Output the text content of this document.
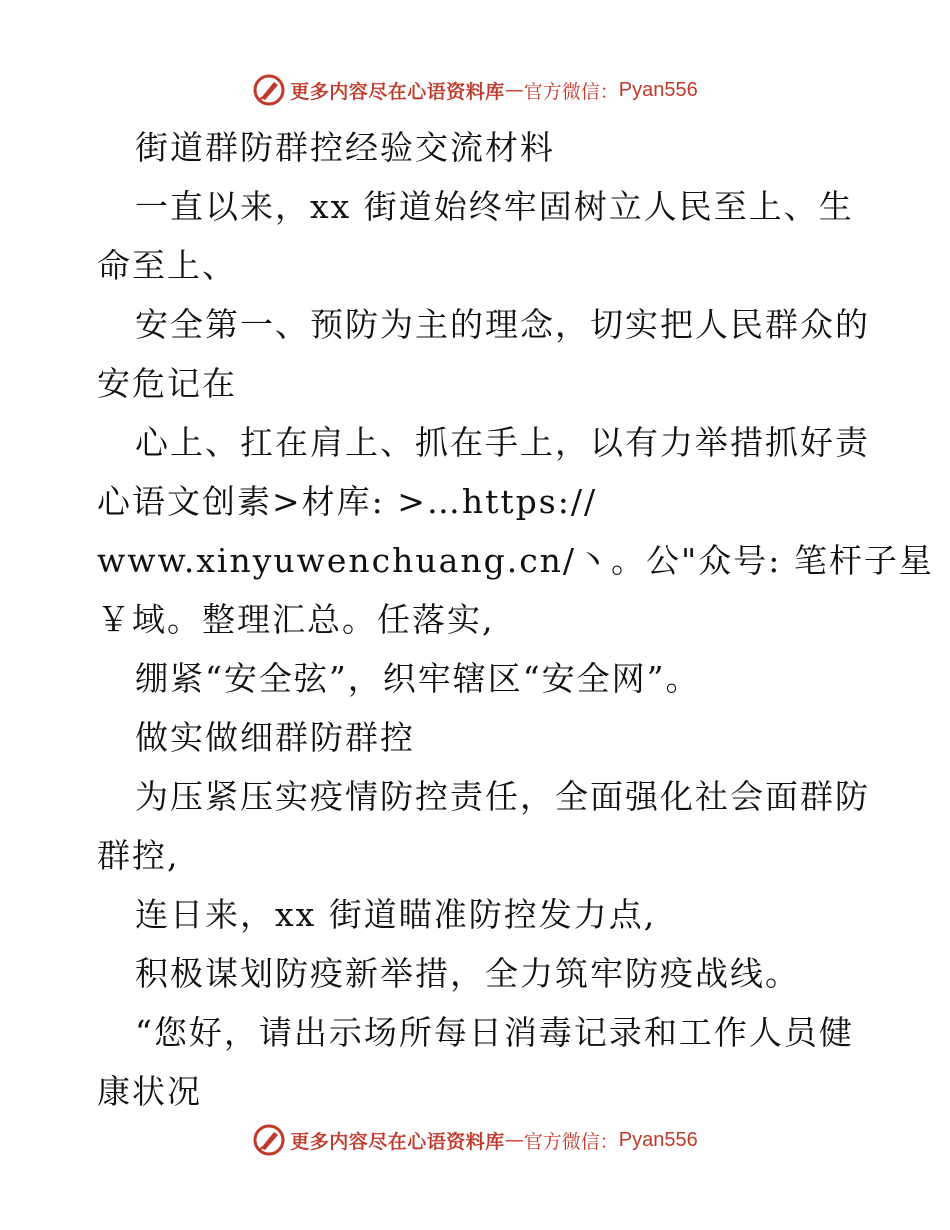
更多内容尽在心语资料库 — 官方微信： Pyan556
街道群防群控经验交流材料
一直以来，xx 街道始终牢固树立人民至上、生
命至上、
安全第一、预防为主的理念，切实把人民群众的
安危记在
心上、扛在肩上、抓在手上，以有力举措抓好责
心语文创素>材库: >…https://
www.xinyuwenchuang.cn/丶。公"众号: 笔杆子星
￥域。整理汇总。任落实,
绷紧“安全弦”，织牢辖区“安全网”。
做实做细群防群控
为压紧压实疫情防控责任，全面强化社会面群防
群控,
连日来，xx 街道瞄准防控发力点,
积极谋划防疫新举措，全力筑牢防疫战线。
“您好，请出示场所每日消毒记录和工作人员健
康状况
更多内容尽在心语资料库 — 官方微信： Pyan556
